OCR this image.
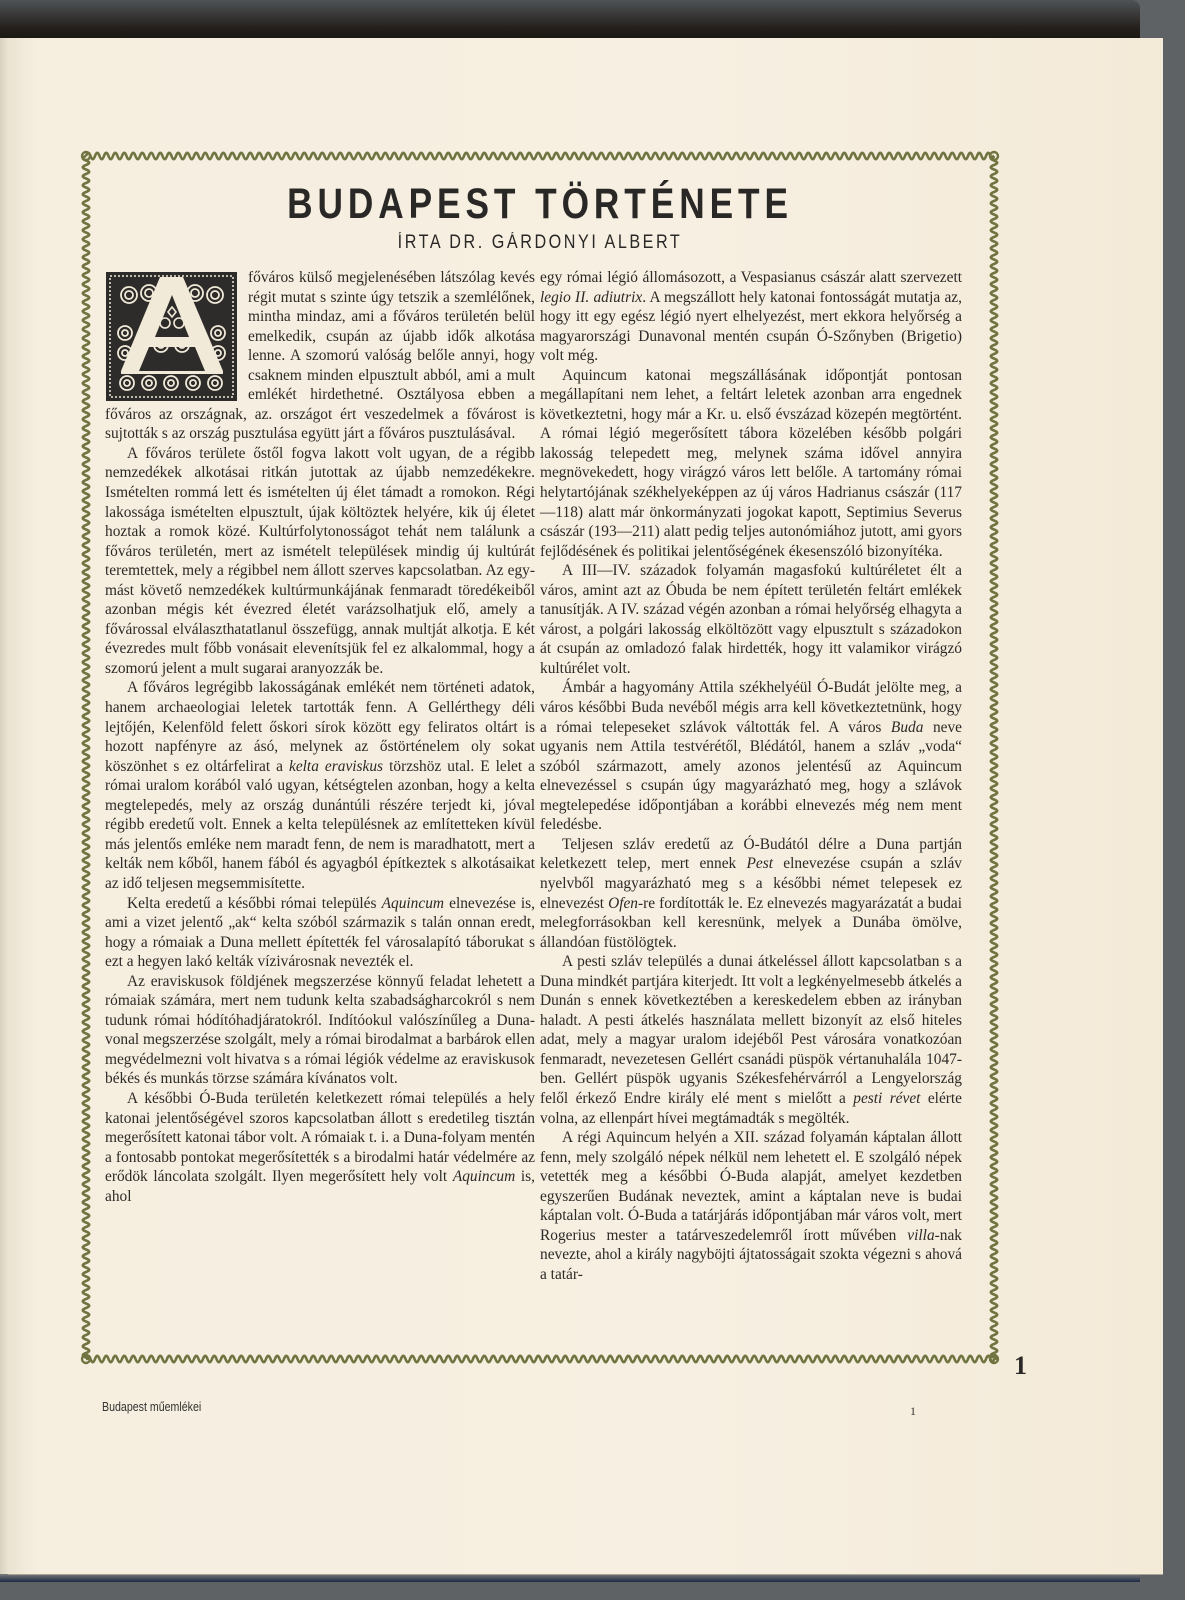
BUDAPEST TÖRTÉNETE
ÍRTA DR. GÁRDONYI ALBERT

főváros külső megjelenésében látszólag kevés régit mutat s szinte úgy tetszik a szemlélőnek, mintha mindaz, ami a főváros területén belül emelkedik, csupán az újabb idők alkotása lenne. A szomorú valóság belőle annyi, hogy csaknem minden elpusztult abból, ami a mult emlékét hirdethetné. Osztályosa ebben a főváros az országnak, az. országot ért veszedelmek a fővárost is sujtották s az ország pusztulása együtt járt a főváros pusztulásával.

A főváros területe őstől fogva lakott volt ugyan, de a régibb nemzedékek alkotásai ritkán jutottak az újabb nemzedékekre. Ismételten rommá lett és ismételten új élet támadt a romokon. Régi lakossága ismételten elpusztult, újak költöztek helyére, kik új életet hoztak a romok közé. Kultúrfolytonosságot tehát nem találunk a főváros területén, mert az ismételt települések mindig új kultúrát teremtettek, mely a régibbel nem állott szerves kapcsolatban. Az egymást követő nemzedékek kultúrmunkájának fenmaradt töredékeiből azonban mégis két évezred életét varázsolhatjuk elő, amely a fővárossal elválaszthatatlanul összefügg, annak multját alkotja. E két évezredes mult főbb vonásait elevenítsjük fel ez alkalommal, hogy a szomorú jelent a mult sugarai aranyozzák be.

A főváros legrégibb lakosságának emlékét nem történeti adatok, hanem archaeologiai leletek tartották fenn. A Gellérthegy déli lejtőjén, Kelenföld felett őskori sírok között egy feliratos oltárt is hozott napfényre az ásó, melynek az őstörténelem oly sokat köszönhet s ez oltárfelirat a kelta eraviskus törzshöz utal. E lelet a római uralom korából való ugyan, kétségtelen azonban, hogy a kelta megtelepedés, mely az ország dunántúli részére terjedt ki, jóval régibb eredetű volt. Ennek a kelta településnek az említetteken kívül más jelentős emléke nem maradt fenn, de nem is maradhatott, mert a kelták nem kőből, hanem fából és agyagból építkeztek s alkotásaikat az idő teljesen megsemmisítette.

Kelta eredetű a későbbi római település Aquincum elnevezése is, ami a vizet jelentő „ak“ kelta szóból származik s talán onnan eredt, hogy a rómaiak a Duna mellett építették fel városalapító táborukat s ezt a hegyen lakó kelták vízivárosnak nevezték el.

Az eraviskusok földjének megszerzése könnyű feladat lehetett a rómaiak számára, mert nem tudunk kelta szabadságharcokról s nem tudunk római hódítóhadjáratokról. Indítóokul valószínűleg a Duna-vonal megszerzése szolgált, mely a római birodalmat a barbárok ellen megvédelmezni volt hivatva s a római légiók védelme az eraviskusok békés és munkás törzse számára kívánatos volt.

A későbbi Ó-Buda területén keletkezett római település a hely katonai jelentőségével szoros kapcsolatban állott s eredetileg tisztán megerősített katonai tábor volt. A rómaiak t. i. a Duna-folyam mentén a fontosabb pontokat megerősítették s a birodalmi határ védelmére az erődök láncolata szolgált. Ilyen megerősített hely volt Aquincum is, ahol

egy római légió állomásozott, a Vespasianus császár alatt szervezett legio II. adiutrix. A megszállott hely katonai fontosságát mutatja az, hogy itt egy egész légió nyert elhelyezést, mert ekkora helyőrség a magyarországi Dunavonal mentén csupán Ó-Szőnyben (Brigetio) volt még.

Aquincum katonai megszállásának időpontját pontosan megállapítani nem lehet, a feltárt leletek azonban arra engednek következtetni, hogy már a Kr. u. első évszázad közepén megtörtént. A római légió megerősített tábora közelében később polgári lakosság telepedett meg, melynek száma idővel annyira megnövekedett, hogy virágzó város lett belőle. A tartomány római helytartójának székhelyeképpen az új város Hadrianus császár (117—118) alatt már önkormányzati jogokat kapott, Septimius Severus császár (193—211) alatt pedig teljes autonómiához jutott, ami gyors fejlődésének és politikai jelentőségének ékesenszóló bizonyítéka.

A III—IV. századok folyamán magasfokú kultúréletet élt a város, amint azt az Óbuda be nem épített területén feltárt emlékek tanusítják. A IV. század végén azonban a római helyőrség elhagyta a várost, a polgári lakosság elköltözött vagy elpusztult s századokon át csupán az omladozó falak hirdették, hogy itt valamikor virágzó kultúrélet volt.

Ámbár a hagyomány Attila székhelyéül Ó-Budát jelölte meg, a város későbbi Buda nevéből mégis arra kell következtetnünk, hogy a római telepeseket szlávok váltották fel. A város Buda neve ugyanis nem Attila testvérétől, Blédától, hanem a szláv „voda“ szóból származott, amely azonos jelentésű az Aquincum elnevezéssel s csupán úgy magyarázható meg, hogy a szlávok megtelepedése időpontjában a korábbi elnevezés még nem ment feledésbe.

Teljesen szláv eredetű az Ó-Budától délre a Duna partján keletkezett telep, mert ennek Pest elnevezése csupán a szláv nyelvből magyarázható meg s a későbbi német telepesek ez elnevezést Ofen-re fordították le. Ez elnevezés magyarázatát a budai melegforrásokban kell keresnünk, melyek a Dunába ömölve, állandóan füstölögtek.

A pesti szláv település a dunai átkeléssel állott kapcsolatban s a Duna mindkét partjára kiterjedt. Itt volt a legkényelmesebb átkelés a Dunán s ennek következtében a kereskedelem ebben az irányban haladt. A pesti átkelés használata mellett bizonyít az első hiteles adat, mely a magyar uralom idejéből Pest városára vonatkozóan fenmaradt, nevezetesen Gellért csanádi püspök vértanuhalála 1047-ben. Gellért püspök ugyanis Székesfehérvárról a Lengyelország felől érkező Endre király elé ment s mielőtt a pesti révet elérte volna, az ellenpárt hívei megtámadták s megölték.

A régi Aquincum helyén a XII. század folyamán káptalan állott fenn, mely szolgáló népek nélkül nem lehetett el. E szolgáló népek vetették meg a későbbi Ó-Buda alapját, amelyet kezdetben egyszerűen Budának neveztek, amint a káptalan neve is budai káptalan volt. Ó-Buda a tatárjárás időpontjában már város volt, mert Rogerius mester a tatárveszedelemről írott művében villa-nak nevezte, ahol a király nagyböjti ájtatosságait szokta végezni s ahová a tatár-

1
Budapest műemlékei	1
